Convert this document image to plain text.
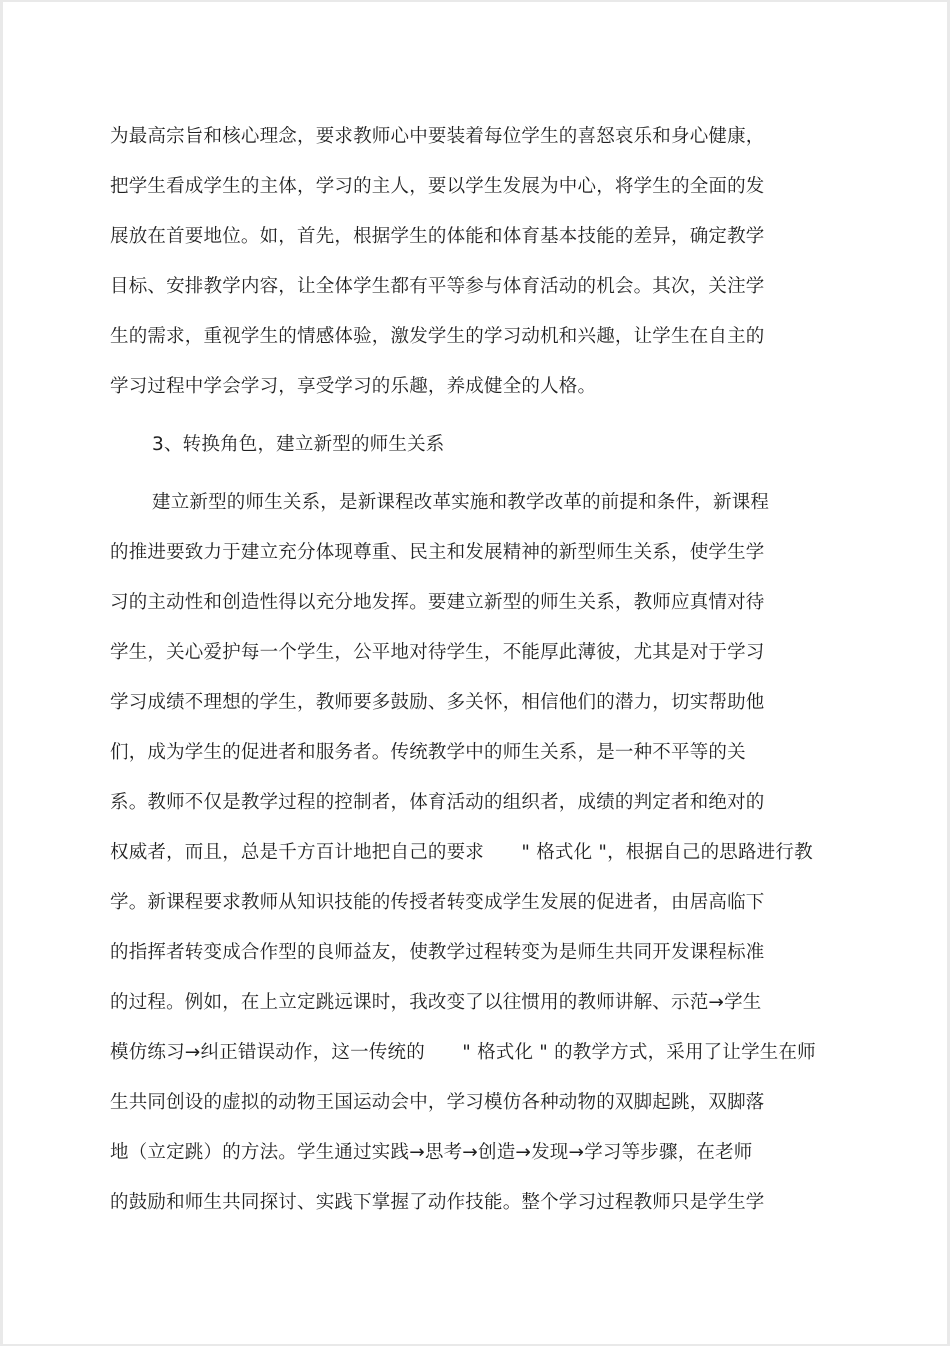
为最高宗旨和核心理念，要求教师心中要装着每位学生的喜怒哀乐和身心健康，
把学生看成学生的主体，学习的主人，要以学生发展为中心，将学生的全面的发
展放在首要地位。如，首先，根据学生的体能和体育基本技能的差异，确定教学
目标、安排教学内容，让全体学生都有平等参与体育活动的机会。其次，关注学
生的需求，重视学生的情感体验，激发学生的学习动机和兴趣，让学生在自主的
学习过程中学会学习，享受学习的乐趣，养成健全的人格。
3、转换角色，建立新型的师生关系
建立新型的师生关系，是新课程改革实施和教学改革的前提和条件，新课程
的推进要致力于建立充分体现尊重、民主和发展精神的新型师生关系，使学生学
习的主动性和创造性得以充分地发挥。要建立新型的师生关系，教师应真情对待
学生，关心爱护每一个学生，公平地对待学生，不能厚此薄彼，尤其是对于学习
学习成绩不理想的学生，教师要多鼓励、多关怀，相信他们的潜力，切实帮助他
们，成为学生的促进者和服务者。传统教学中的师生关系，是一种不平等的关
系。教师不仅是教学过程的控制者，体育活动的组织者，成绩的判定者和绝对的
权威者，而且，总是千方百计地把自己的要求　　" 格式化 "，根据自己的思路进行教
学。新课程要求教师从知识技能的传授者转变成学生发展的促进者，由居高临下
的指挥者转变成合作型的良师益友，使教学过程转变为是师生共同开发课程标准
的过程。例如，在上立定跳远课时，我改变了以往惯用的教师讲解、示范→学生
模仿练习→纠正错误动作，这一传统的　　" 格式化 " 的教学方式，采用了让学生在师
生共同创设的虚拟的动物王国运动会中，学习模仿各种动物的双脚起跳，双脚落
地（立定跳）的方法。学生通过实践→思考→创造→发现→学习等步骤，在老师
的鼓励和师生共同探讨、实践下掌握了动作技能。整个学习过程教师只是学生学
